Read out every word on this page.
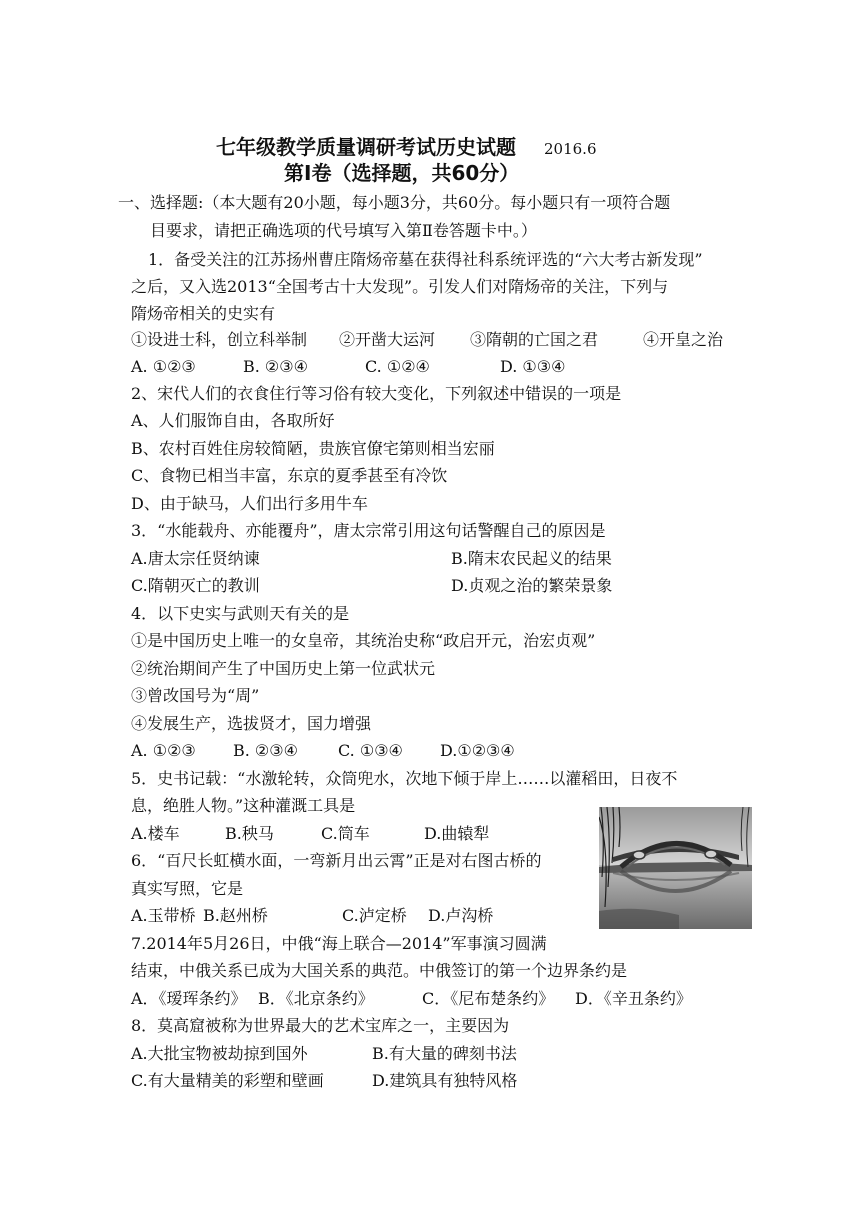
七年级教学质量调研考试历史试题 2016.6
第Ⅰ卷（选择题，共60分）
一、选择题:（本大题有20小题，每小题3分，共60分。每小题只有一项符合题
目要求，请把正确选项的代号填写入第Ⅱ卷答题卡中。）
1．备受关注的江苏扬州曹庄隋炀帝墓在获得社科系统评选的“六大考古新发现”
之后，又入选2013“全国考古十大发现”。引发人们对隋炀帝的关注，下列与
隋炀帝相关的史实有
①设进士科，创立科举制 ②开凿大运河 ③隋朝的亡国之君	④开皇之治
A. ①②③	B. ②③④	C. ①②④	D. ①③④
2、宋代人们的衣食住行等习俗有较大变化，下列叙述中错误的一项是
A、人们服饰自由，各取所好
B、农村百姓住房较简陋，贵族官僚宅第则相当宏丽
C、食物已相当丰富，东京的夏季甚至有冷饮
D、由于缺马，人们出行多用牛车
3．“水能载舟、亦能覆舟”，唐太宗常引用这句话警醒自己的原因是
A.唐太宗任贤纳谏	B.隋末农民起义的结果
C.隋朝灭亡的教训	D.贞观之治的繁荣景象
4．以下史实与武则天有关的是
①是中国历史上唯一的女皇帝，其统治史称“政启开元，治宏贞观”
②统治期间产生了中国历史上第一位武状元
③曾改国号为“周”
④发展生产，选拔贤才，国力增强
A. ①②③ B. ②③④	C. ①③④ D.①②③④
5．史书记载：“水激轮转，众筒兜水，次地下倾于岸上……以灌稻田，日夜不
息，绝胜人物。”这种灌溉工具是
A.楼车	B.秧马	C.筒车	D.曲辕犁
6．“百尺长虹横水面，一弯新月出云霄”正是对右图古桥的
真实写照，它是
A.玉带桥 B.赵州桥	C.泸定桥 D.卢沟桥
7.2014年5月26日，中俄“海上联合—2014”军事演习圆满
结束，中俄关系已成为大国关系的典范。中俄签订的第一个边界条约是
A．《瑷珲条约》 B．《北京条约》	C．《尼布楚条约》 D．《辛丑条约》
8．莫高窟被称为世界最大的艺术宝库之一，主要因为
A.大批宝物被劫掠到国外	B.有大量的碑刻书法
C.有大量精美的彩塑和壁画	D.建筑具有独特风格
